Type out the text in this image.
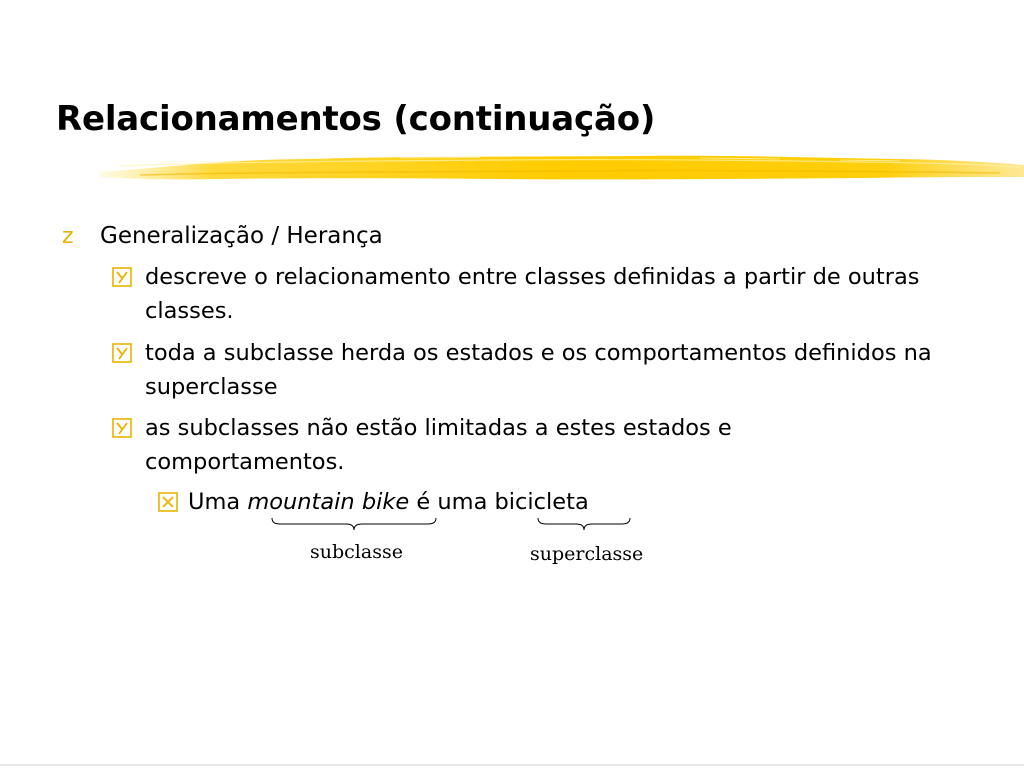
Relacionamentos (continuação)
z Generalização / Herança
descreve o relacionamento entre classes definidas a partir de outras classes.
toda a subclasse herda os estados e os comportamentos definidos na superclasse
as subclasses não estão limitadas a estes estados e comportamentos.
Uma mountain bike é uma bicicleta
subclasse	superclasse
